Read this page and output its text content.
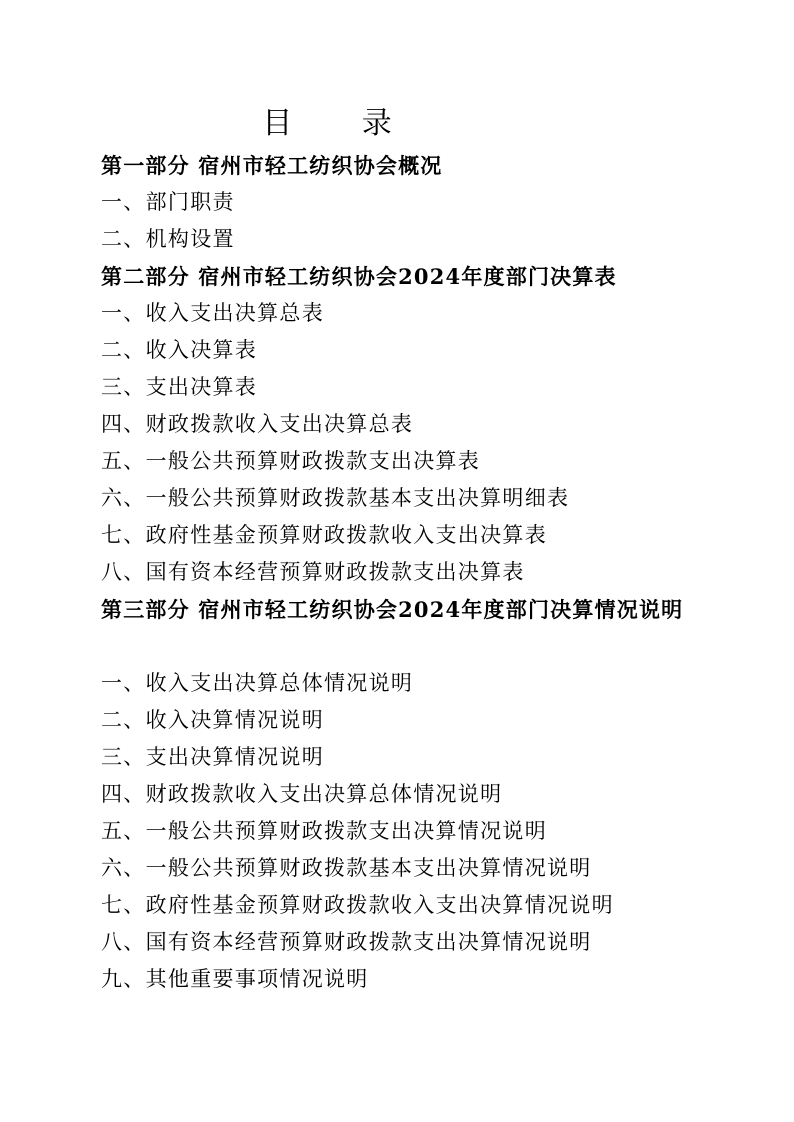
目 录
第一部分 宿州市轻工纺织协会概况
一、部门职责
二、机构设置
第二部分 宿州市轻工纺织协会2024年度部门决算表
一、收入支出决算总表
二、收入决算表
三、支出决算表
四、财政拨款收入支出决算总表
五、一般公共预算财政拨款支出决算表
六、一般公共预算财政拨款基本支出决算明细表
七、政府性基金预算财政拨款收入支出决算表
八、国有资本经营预算财政拨款支出决算表
第三部分 宿州市轻工纺织协会2024年度部门决算情况说明
一、收入支出决算总体情况说明
二、收入决算情况说明
三、支出决算情况说明
四、财政拨款收入支出决算总体情况说明
五、一般公共预算财政拨款支出决算情况说明
六、一般公共预算财政拨款基本支出决算情况说明
七、政府性基金预算财政拨款收入支出决算情况说明
八、国有资本经营预算财政拨款支出决算情况说明
九、其他重要事项情况说明
